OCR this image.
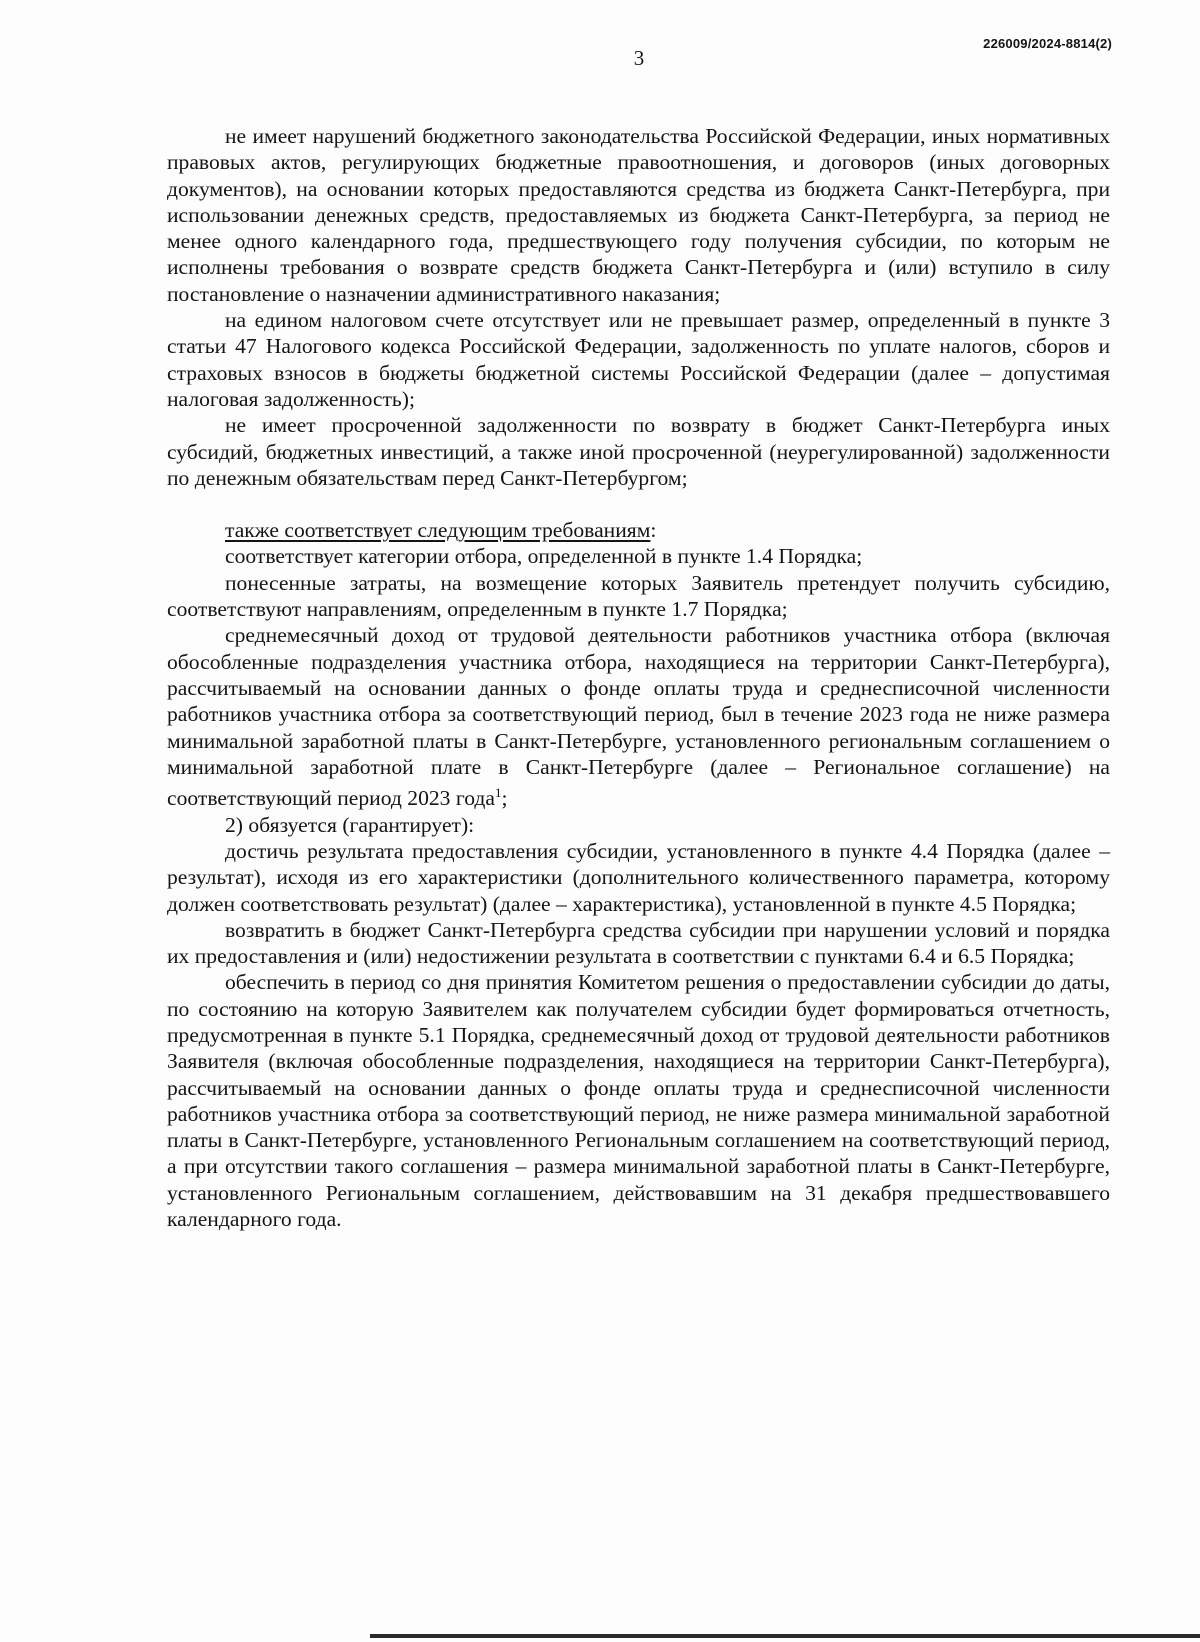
226009/2024-8814(2)
3

не имеет нарушений бюджетного законодательства Российской Федерации, иных нормативных правовых актов, регулирующих бюджетные правоотношения, и договоров (иных договорных документов), на основании которых предоставляются средства из бюджета Санкт-Петербурга, при использовании денежных средств, предоставляемых из бюджета Санкт-Петербурга, за период не менее одного календарного года, предшествующего году получения субсидии, по которым не исполнены требования о возврате средств бюджета Санкт-Петербурга и (или) вступило в силу постановление о назначении административного наказания;

на едином налоговом счете отсутствует или не превышает размер, определенный в пункте 3 статьи 47 Налогового кодекса Российской Федерации, задолженность по уплате налогов, сборов и страховых взносов в бюджеты бюджетной системы Российской Федерации (далее – допустимая налоговая задолженность);

не имеет просроченной задолженности по возврату в бюджет Санкт-Петербурга иных субсидий, бюджетных инвестиций, а также иной просроченной (неурегулированной) задолженности по денежным обязательствам перед Санкт-Петербургом;

также соответствует следующим требованиям:

соответствует категории отбора, определенной в пункте 1.4 Порядка;

понесенные затраты, на возмещение которых Заявитель претендует получить субсидию, соответствуют направлениям, определенным в пункте 1.7 Порядка;

среднемесячный доход от трудовой деятельности работников участника отбора (включая обособленные подразделения участника отбора, находящиеся на территории Санкт-Петербурга), рассчитываемый на основании данных о фонде оплаты труда и среднесписочной численности работников участника отбора за соответствующий период, был в течение 2023 года не ниже размера минимальной заработной платы в Санкт-Петербурге, установленного региональным соглашением о минимальной заработной плате в Санкт-Петербурге (далее – Региональное соглашение) на соответствующий период 2023 года$^1$;

2) обязуется (гарантирует):

достичь результата предоставления субсидии, установленного в пункте 4.4 Порядка (далее – результат), исходя из его характеристики (дополнительного количественного параметра, которому должен соответствовать результат) (далее – характеристика), установленной в пункте 4.5 Порядка;

возвратить в бюджет Санкт-Петербурга средства субсидии при нарушении условий и порядка их предоставления и (или) недостижении результата в соответствии с пунктами 6.4 и 6.5 Порядка;

обеспечить в период со дня принятия Комитетом решения о предоставлении субсидии до даты, по состоянию на которую Заявителем как получателем субсидии будет формироваться отчетность, предусмотренная в пункте 5.1 Порядка, среднемесячный доход от трудовой деятельности работников Заявителя (включая обособленные подразделения, находящиеся на территории Санкт-Петербурга), рассчитываемый на основании данных о фонде оплаты труда и среднесписочной численности работников участника отбора за соответствующий период, не ниже размера минимальной заработной платы в Санкт-Петербурге, установленного Региональным соглашением на соответствующий период, а при отсутствии такого соглашения – размера минимальной заработной платы в Санкт-Петербурге, установленного Региональным соглашением, действовавшим на 31 декабря предшествовавшего календарного года.
